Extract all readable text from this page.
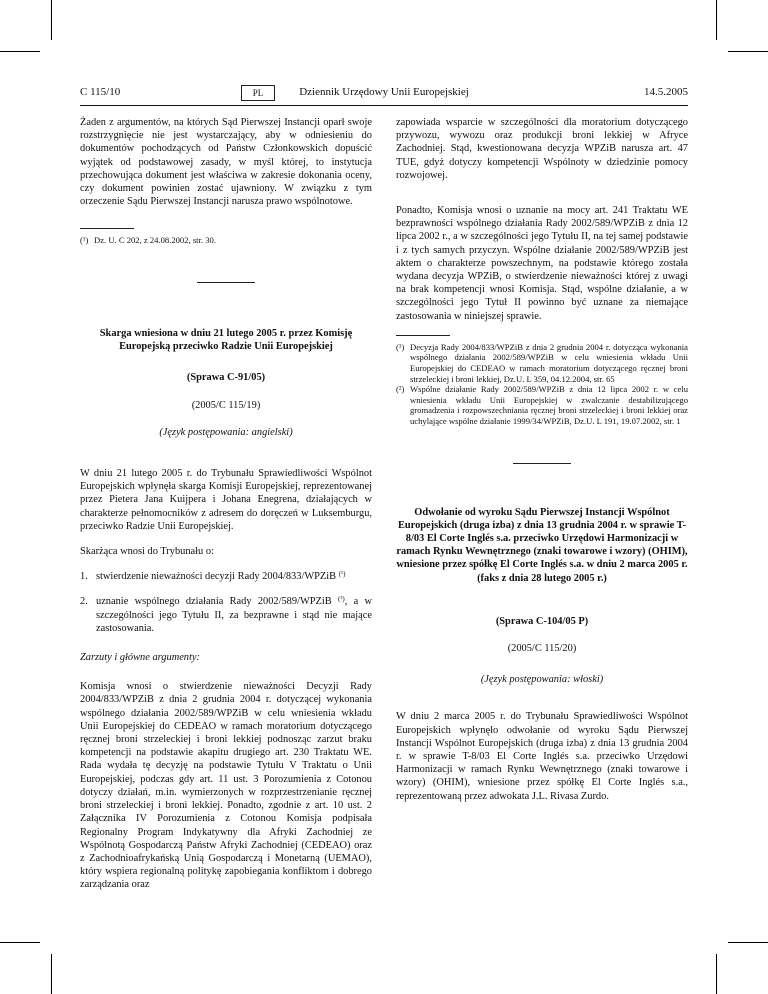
Dziennik Urzędowy Unii Europejskiej
C 115/10	PL	14.5.2005

Żaden z argumentów, na których Sąd Pierwszej Instancji oparł swoje rozstrzygnięcie nie jest wystarczający, aby w odniesieniu do dokumentów pochodzących od Państw Członkowskich dopuścić wyjątek od podstawowej zasady, w myśl której, to instytucja przechowująca dokument jest właściwa w zakresie dokonania oceny, czy dokument powinien zostać ujawniony. W związku z tym orzeczenie Sądu Pierwszej Instancji narusza prawo wspólnotowe.

(¹) Dz. U. C 202, z 24.08.2002, str. 30.

Skarga wniesiona w dniu 21 lutego 2005 r. przez Komisję Europejską przeciwko Radzie Unii Europejskiej

(Sprawa C-91/05)

(2005/C 115/19)

(Język postępowania: angielski)

W dniu 21 lutego 2005 r. do Trybunału Sprawiedliwości Wspólnot Europejskich wpłynęła skarga Komisji Europejskiej, reprezentowanej przez Pietera Jana Kuijpera i Johana Enegrena, działających w charakterze pełnomocników z adresem do doręczeń w Luksemburgu, przeciwko Radzie Unii Europejskiej.

Skarżąca wnosi do Trybunału o:

1. stwierdzenie nieważności decyzji Rady 2004/833/WPZiB $^{(^1)}$
2. uznanie wspólnego działania Rady 2002/589/WPZiB $^{(^2)}$, a w szczególności jego Tytułu II, za bezprawne i stąd nie mające zastosowania.

Zarzuty i główne argumenty:

Komisja wnosi o stwierdzenie nieważności Decyzji Rady 2004/833/WPZiB z dnia 2 grudnia 2004 r. dotyczącej wykonania wspólnego działania 2002/589/WPZiB w celu wniesienia wkładu Unii Europejskiej do CEDEAO w ramach moratorium dotyczącego ręcznej broni strzeleckiej i broni lekkiej podnosząc zarzut braku kompetencji na podstawie akapitu drugiego art. 230 Traktatu WE. Rada wydała tę decyzję na podstawie Tytułu V Traktatu o Unii Europejskiej, podczas gdy art. 11 ust. 3 Porozumienia z Cotonou dotyczy działań, m.in. wymierzonych w rozprzestrzenianie ręcznej broni strzeleckiej i broni lekkiej. Ponadto, zgodnie z art. 10 ust. 2 Załącznika IV Porozumienia z Cotonou Komisja podpisała Regionalny Program Indykatywny dla Afryki Zachodniej ze Wspólnotą Gospodarczą Państw Afryki Zachodniej (CEDEAO) oraz z Zachodnioafrykańską Unią Gospodarczą i Monetarną (UEMAO), który wspiera regionalną politykę zapobiegania konfliktom i dobrego zarządzania oraz

zapowiada wsparcie w szczególności dla moratorium dotyczącego przywozu, wywozu oraz produkcji broni lekkiej w Afryce Zachodniej. Stąd, kwestionowana decyzja WPZiB narusza art. 47 TUE, gdyż dotyczy kompetencji Wspólnoty w dziedzinie pomocy rozwojowej.

Ponadto, Komisja wnosi o uznanie na mocy art. 241 Traktatu WE bezprawności wspólnego działania Rady 2002/589/WPZiB z dnia 12 lipca 2002 r., a w szczególności jego Tytułu II, na tej samej podstawie i z tych samych przyczyn. Wspólne działanie 2002/589/WPZiB jest aktem o charakterze powszechnym, na podstawie którego została wydana decyzja WPZiB, o stwierdzenie nieważności której z uwagi na brak kompetencji wnosi Komisja. Stąd, wspólne działanie, a w szczególności jego Tytuł II powinno być uznane za niemające zastosowania w niniejszej sprawie.

(¹) Decyzja Rady 2004/833/WPZiB z dnia 2 grudnia 2004 r. dotycząca wykonania wspólnego działania 2002/589/WPZiB w celu wniesienia wkładu Unii Europejskiej do CEDEAO w ramach moratorium dotyczącego ręcznej broni strzeleckiej i broni lekkiej, Dz.U. L 359, 04.12.2004, str. 65
(²) Wspólne działanie Rady 2002/589/WPZiB z dnia 12 lipca 2002 r. w celu wniesienia wkładu Unii Europejskiej w zwalczanie destabilizującego gromadzenia i rozpowszechniania ręcznej broni strzeleckiej i broni lekkiej oraz uchylające wspólne działanie 1999/34/WPZiB, Dz.U. L 191, 19.07.2002, str. 1

Odwołanie od wyroku Sądu Pierwszej Instancji Wspólnot Europejskich (druga izba) z dnia 13 grudnia 2004 r. w sprawie T-8/03 El Corte Inglés s.a. przeciwko Urzędowi Harmonizacji w ramach Rynku Wewnętrznego (znaki towarowe i wzory) (OHIM), wniesione przez spółkę El Corte Inglés s.a. w dniu 2 marca 2005 r. (faks z dnia 28 lutego 2005 r.)

(Sprawa C-104/05 P)

(2005/C 115/20)

(Język postępowania: włoski)

W dniu 2 marca 2005 r. do Trybunału Sprawiedliwości Wspólnot Europejskich wpłynęło odwołanie od wyroku Sądu Pierwszej Instancji Wspólnot Europejskich (druga izba) z dnia 13 grudnia 2004 r. w sprawie T-8/03 El Corte Inglés s.a. przeciwko Urzędowi Harmonizacji w ramach Rynku Wewnętrznego (znaki towarowe i wzory) (OHIM), wniesione przez spółkę El Corte Inglés s.a., reprezentowaną przez adwokata J.L. Rivasa Zurdo.
